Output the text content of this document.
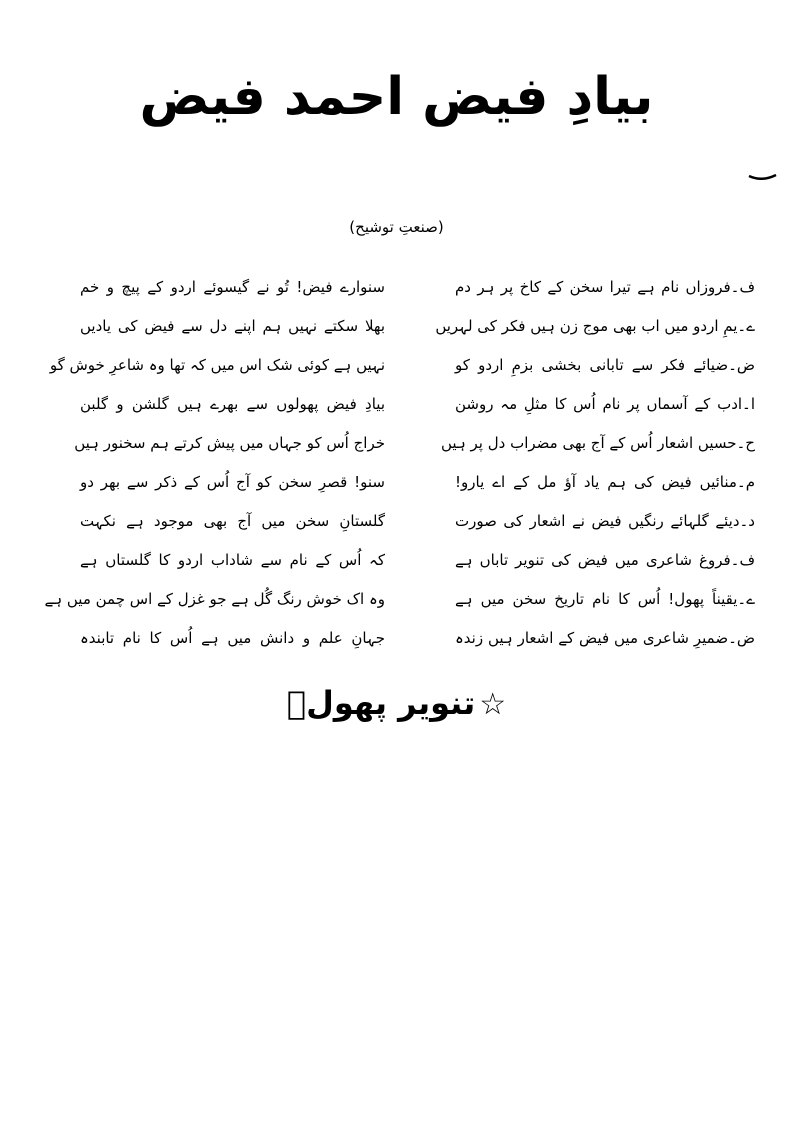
بیادِ فیض احمد فیض
(صنعتِ توشیح)
ف۔فروزاں نام ہے تیرا سخن کے کاخ پر ہر دم
ے۔یمِ اردو میں اب بھی موج زن ہیں فکر کی لہریں
ض۔ضیائے فکر سے تابانی بخشی بزمِ اردو کو
ا۔ادب کے آسماں پر نام اُس کا مثلِ مہ روشن
ح۔حسیں اشعار اُس کے آج بھی مضراب دل پر ہیں
م۔منائیں فیض کی ہم یاد آؤ مل کے اے یارو!
د۔دیئے گلہائے رنگیں فیض نے اشعار کی صورت
ف۔فروغ شاعری میں فیض کی تنویر تاباں ہے
ے۔یقیناً پھول! اُس کا نام تاریخ سخن میں ہے
ض۔ضمیرِ شاعری میں فیض کے اشعار ہیں زندہ
سنوارے فیض! تُو نے گیسوئے اردو کے پیچ و خم
بھلا سکتے نہیں ہم اپنے دل سے فیض کی یادیں
نہیں ہے کوئی شک اس میں کہ تھا وہ شاعرِ خوش گو
بیادِ فیض پھولوں سے بھرے ہیں گلشن و گلبن
خراج اُس کو جہاں میں پیش کرتے ہم سخنور ہیں
سنو! قصرِ سخن کو آج اُس کے ذکر سے بھر دو
گلستانِ سخن میں آج بھی موجود ہے نکہت
کہ اُس کے نام سے شاداب اردو کا گلستاں ہے
وہ اک خوش رنگ گُل ہے جو غزل کے اس چمن میں ہے
جہانِ علم و دانش میں ہے اُس کا نام تابندہ
☆تنویر پھولؔ
